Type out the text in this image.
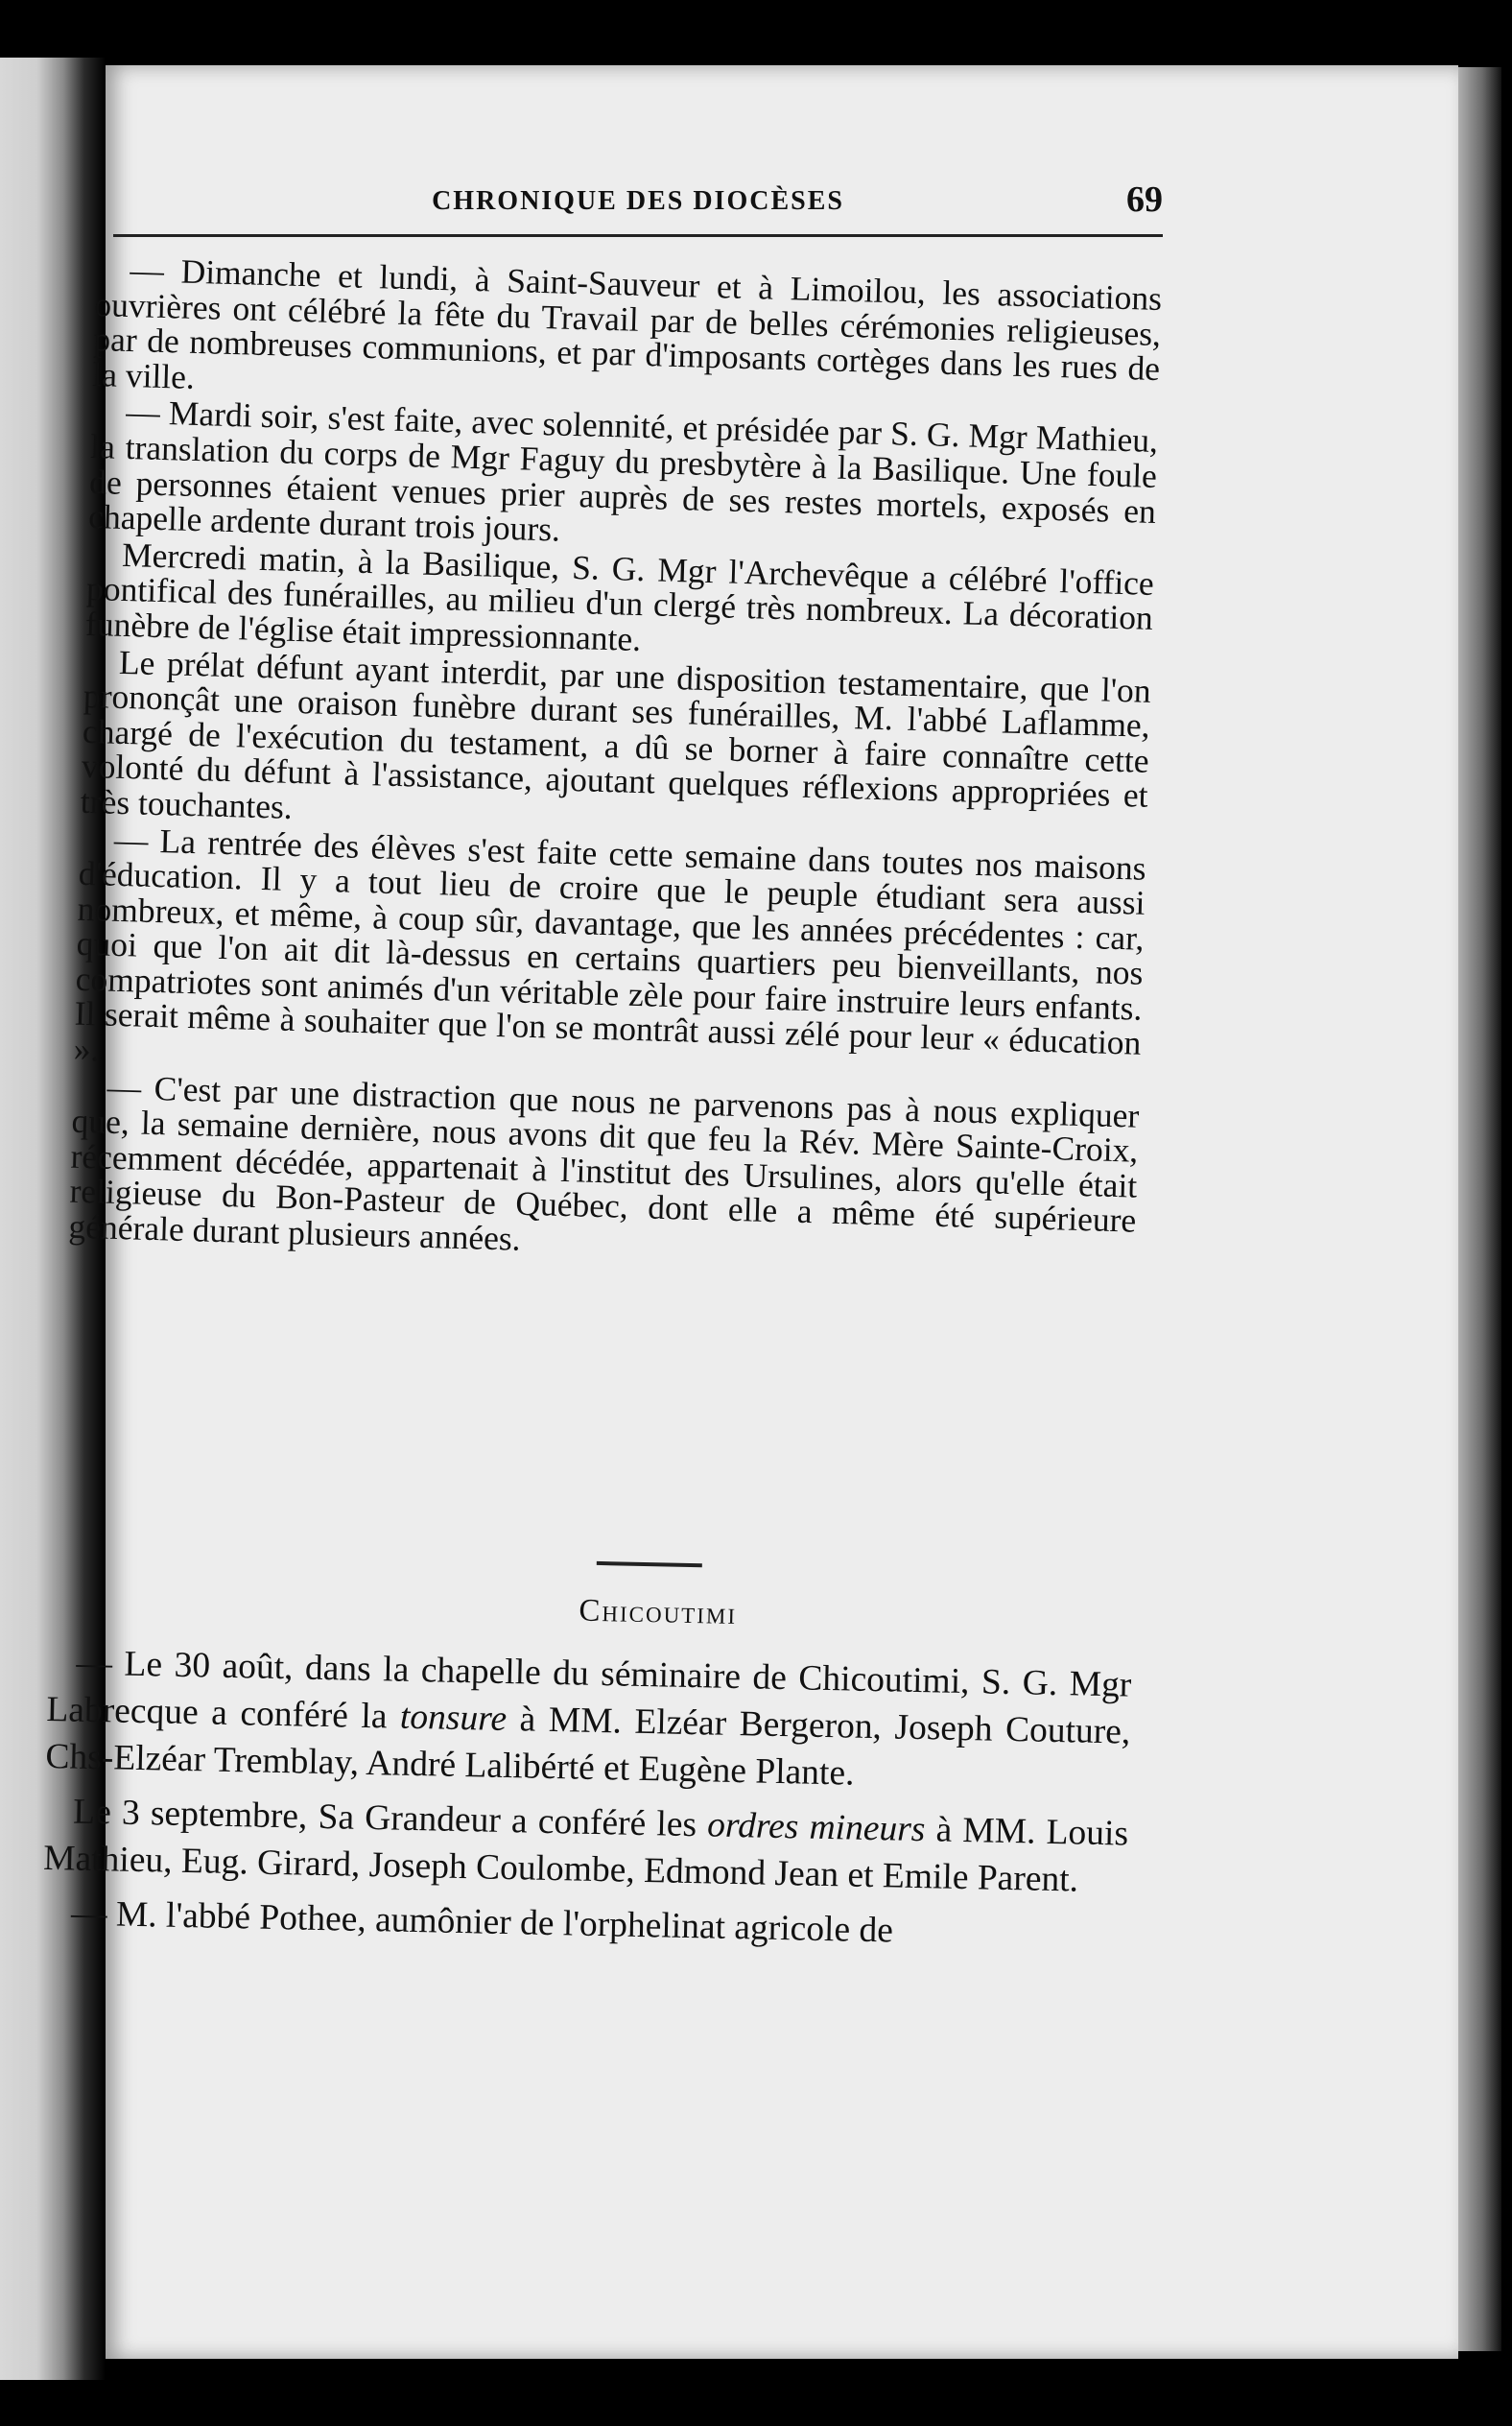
CHRONIQUE DES DIOCÈSES	69

— Dimanche et lundi, à Saint-Sauveur et à Limoilou, les associations ouvrières ont célébré la fête du Travail par de belles cérémonies religieuses, par de nombreuses communions, et par d'imposants cortèges dans les rues de la ville.

— Mardi soir, s'est faite, avec solennité, et présidée par S. G. Mgr Mathieu, la translation du corps de Mgr Faguy du presbytère à la Basilique. Une foule de personnes étaient venues prier auprès de ses restes mortels, exposés en chapelle ardente durant trois jours.

Mercredi matin, à la Basilique, S. G. Mgr l'Archevêque a célébré l'office pontifical des funérailles, au milieu d'un clergé très nombreux. La décoration funèbre de l'église était impressionnante.

Le prélat défunt ayant interdit, par une disposition testamentaire, que l'on prononçât une oraison funèbre durant ses funérailles, M. l'abbé Laflamme, chargé de l'exécution du testament, a dû se borner à faire connaître cette volonté du défunt à l'assistance, ajoutant quelques réflexions appropriées et très touchantes.

— La rentrée des élèves s'est faite cette semaine dans toutes nos maisons d'éducation. Il y a tout lieu de croire que le peuple étudiant sera aussi nombreux, et même, à coup sûr, davantage, que les années précédentes : car, quoi que l'on ait dit là-dessus en certains quartiers peu bienveillants, nos compatriotes sont animés d'un véritable zèle pour faire instruire leurs enfants. Il serait même à souhaiter que l'on se montrât aussi zélé pour leur « éducation ».

— C'est par une distraction que nous ne parvenons pas à nous expliquer que, la semaine dernière, nous avons dit que feu la Rév. Mère Sainte-Croix, récemment décédée, appartenait à l'institut des Ursulines, alors qu'elle était religieuse du Bon-Pasteur de Québec, dont elle a même été supérieure générale durant plusieurs années.

Chicoutimi

— Le 30 août, dans la chapelle du séminaire de Chicoutimi, S. G. Mgr Labrecque a conféré la tonsure à MM. Elzéar Bergeron, Joseph Couture, Chs-Elzéar Tremblay, André Lalibérté et Eugène Plante.

Le 3 septembre, Sa Grandeur a conféré les ordres mineurs à MM. Louis Mathieu, Eug. Girard, Joseph Coulombe, Edmond Jean et Emile Parent.

— M. l'abbé Pothee, aumônier de l'orphelinat agricole de
